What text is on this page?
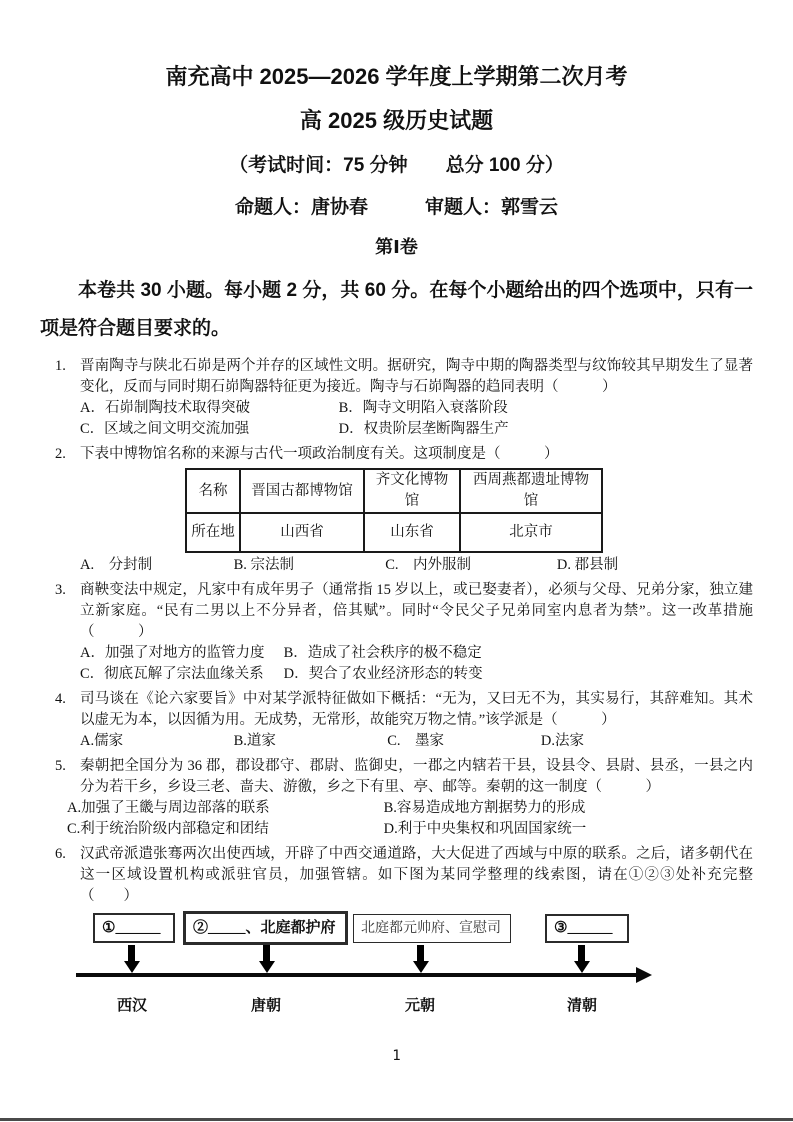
南充高中 2025—2026 学年度上学期第二次月考
高 2025 级历史试题
（考试时间：75 分钟　　总分 100 分）
命题人：唐协春　　　审题人：郭雪云
第Ⅰ卷

本卷共 30 小题。每小题 2 分，共 60 分。在每个小题给出的四个选项中，只有一项是符合题目要求的。

1. 晋南陶寺与陕北石峁是两个并存的区域性文明。据研究，陶寺中期的陶器类型与纹饰较其早期发生了显著变化，反而与同时期石峁陶器特征更为接近。陶寺与石峁陶器的趋同表明（　　　）

A．石峁制陶技术取得突破	B．陶寺文明陷入衰落阶段
C．区域之间文明交流加强	D．权贵阶层垄断陶器生产
2. 下表中博物馆名称的来源与古代一项政治制度有关。这项制度是（　　　）

名称	晋国古都博物馆	齐文化博物馆	西周燕都遗址博物馆
所在地	山西省	山东省	北京市
A.　分封制	B. 宗法制	C.　内外服制	D. 郡县制
3. 商鞅变法中规定，凡家中有成年男子（通常指 15 岁以上，或已娶妻者），必须与父母、兄弟分家，独立建立新家庭。“民有二男以上不分异者，倍其赋”。同时“令民父子兄弟同室内息者为禁”。这一改革措施（　　　）

A．加强了对地方的监管力度 B．造成了社会秩序的极不稳定
C．彻底瓦解了宗法血缘关系 D．契合了农业经济形态的转变
4. 司马谈在《论六家要旨》中对某学派特征做如下概括：“无为，又曰无不为，其实易行，其辞难知。其术以虚无为本，以因循为用。无成势，无常形，故能究万物之情。”该学派是（　　　）

A.儒家	B.道家	C.　墨家	D.法家
5. 秦朝把全国分为 36 郡，郡设郡守、郡尉、监御史，一郡之内辖若干县，设县令、县尉、县丞，一县之内分为若干乡，乡设三老、啬夫、游徼，乡之下有里、亭、邮等。秦朝的这一制度（　　　）

A.加强了王畿与周边部落的联系	B.容易造成地方割据势力的形成
C.利于统治阶级内部稳定和团结	D.利于中央集权和巩固国家统一
6. 汉武帝派遣张骞两次出使西域，开辟了中西交通道路，大大促进了西域与中原的联系。之后，诸多朝代在这一区域设置机构或派驻官员，加强管辖。如下图为某同学整理的线索图，请在①②③处补充完整（　　）

①______	②_____、北庭都护府	北庭都元帅府、宣慰司	③______
西汉	唐朝	元朝	清朝
1
